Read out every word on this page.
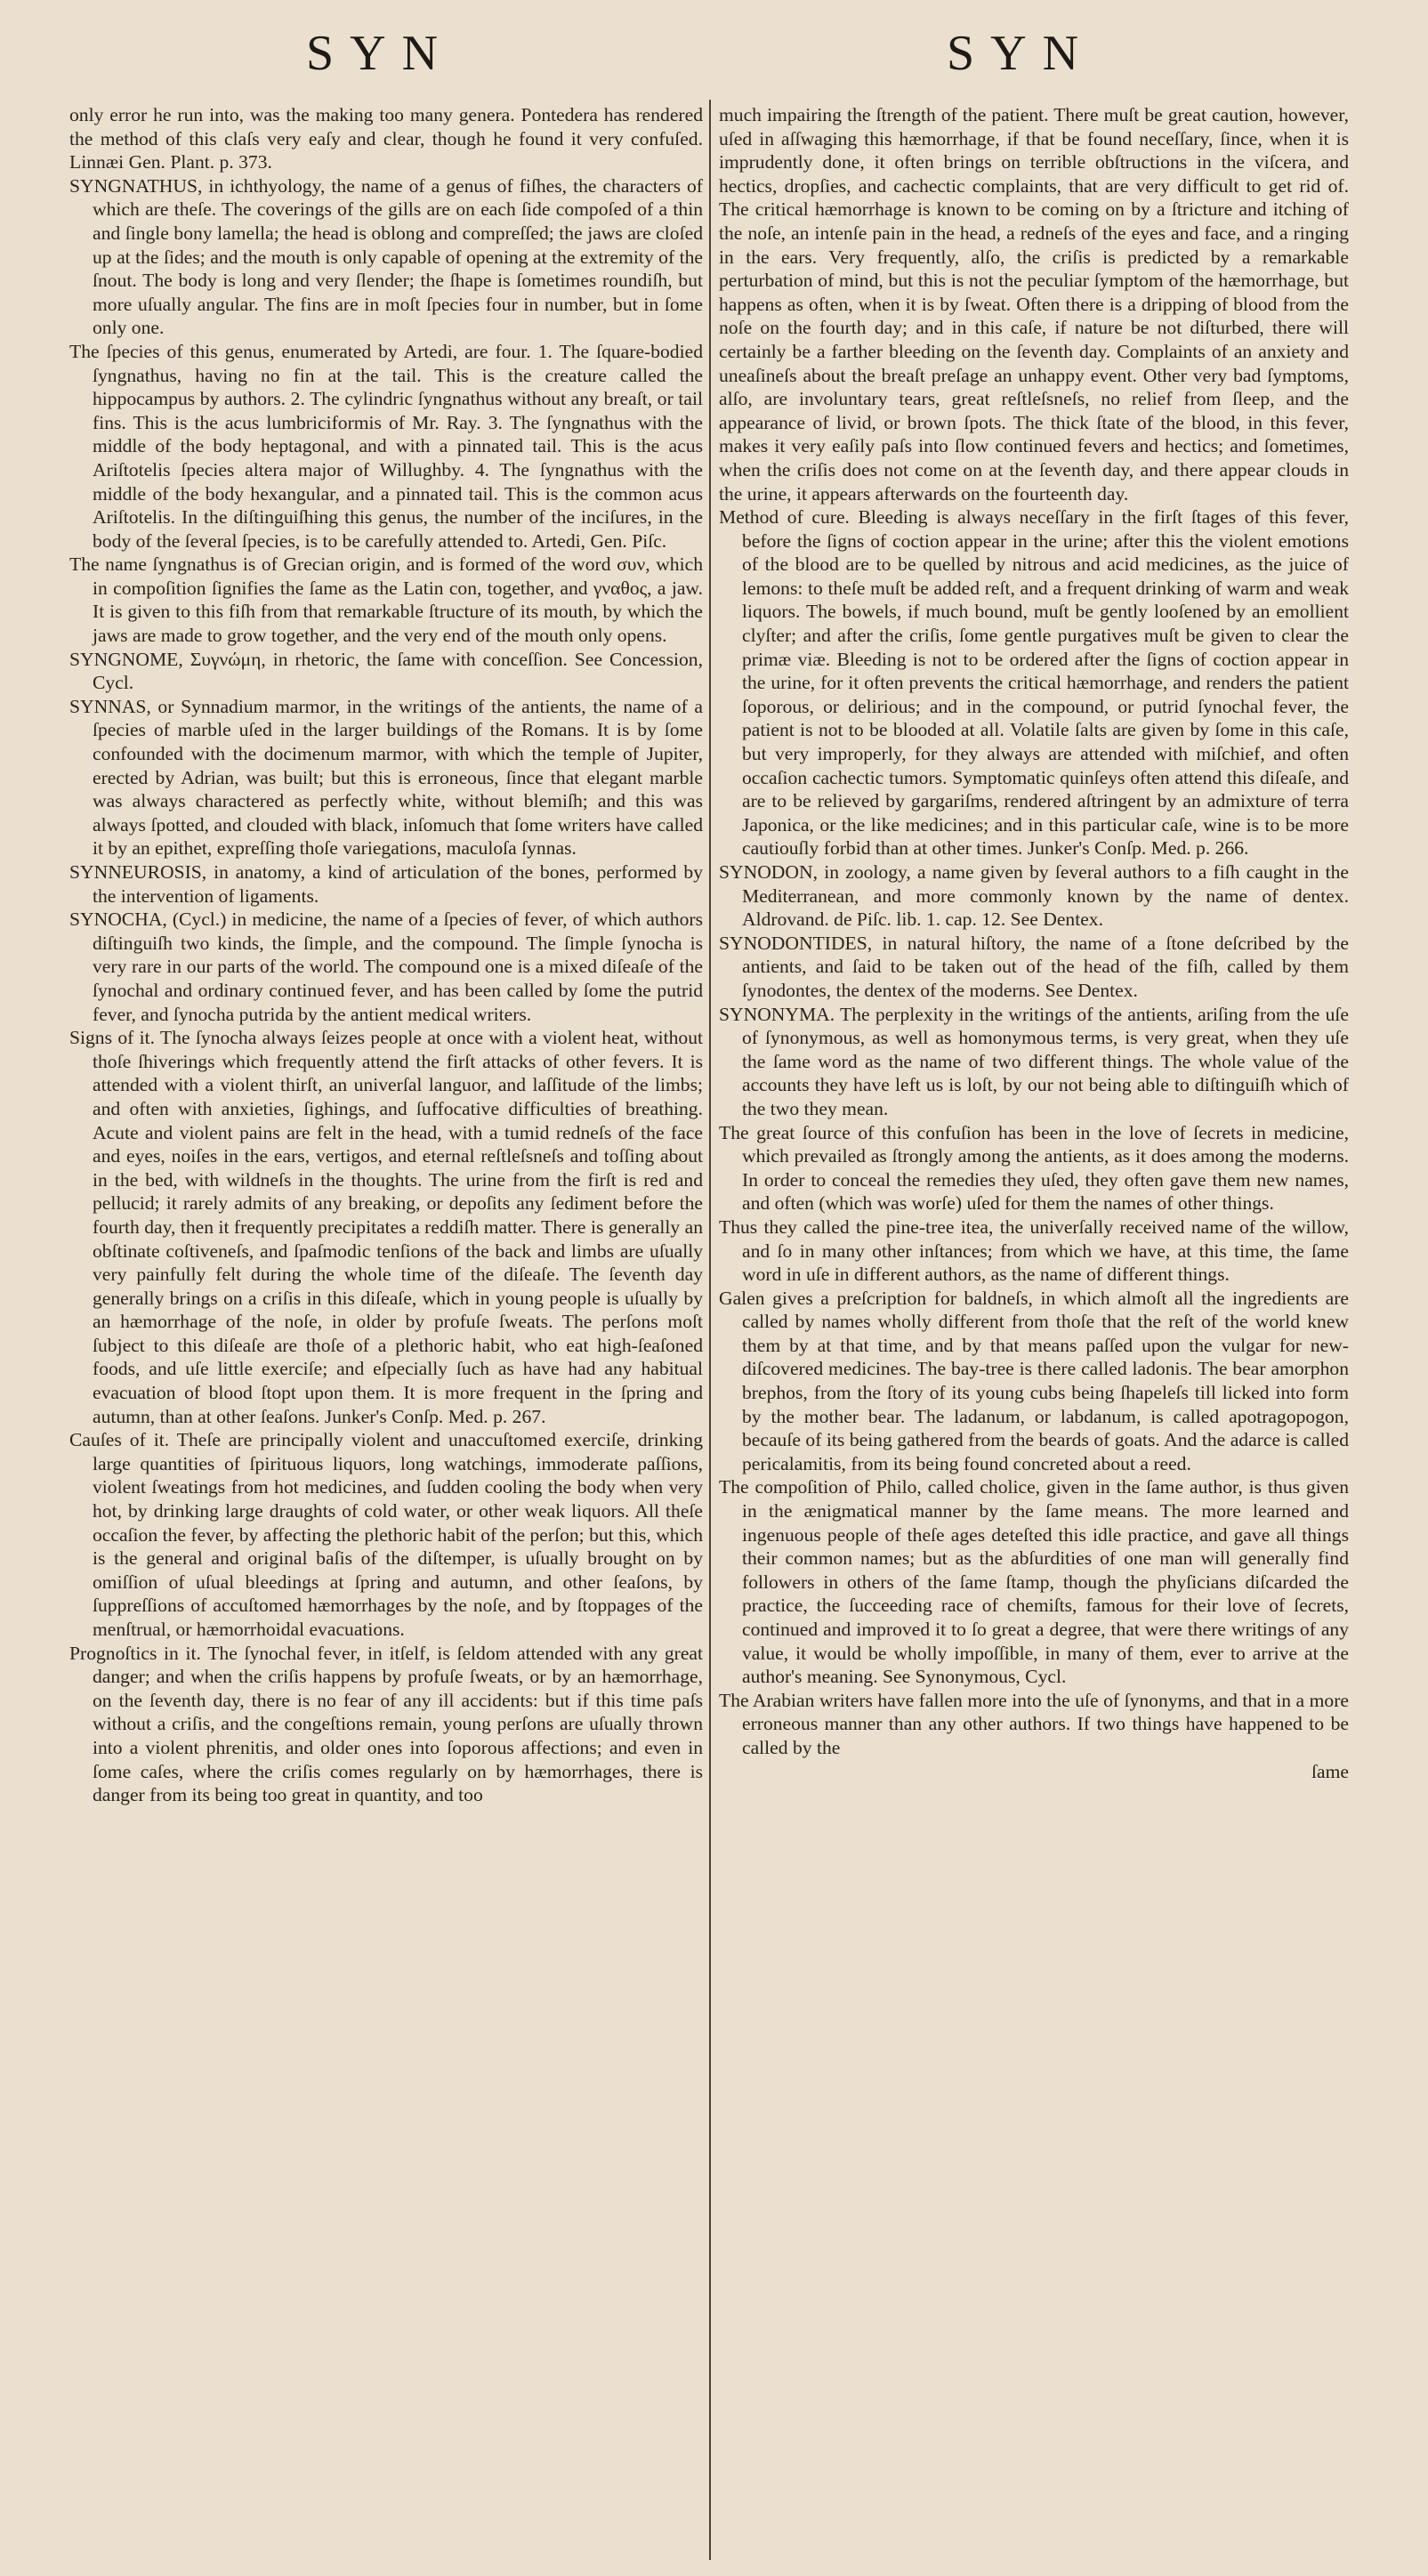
SYN	SYN

only error he run into, was the making too many genera. Pontedera has rendered the method of this claſs very eaſy and clear, though he found it very confuſed. Linnæi Gen. Plant. p. 373.

SYNGNATHUS, in ichthyology, the name of a genus of fiſhes, the characters of which are theſe. The coverings of the gills are on each ſide compoſed of a thin and ſingle bony lamella; the head is oblong and compreſſed; the jaws are cloſed up at the ſides; and the mouth is only capable of opening at the extremity of the ſnout. The body is long and very ſlender; the ſhape is ſometimes roundiſh, but more uſually angular. The fins are in moſt ſpecies four in number, but in ſome only one.

The ſpecies of this genus, enumerated by Artedi, are four. 1. The ſquare-bodied ſyngnathus, having no fin at the tail. This is the creature called the hippocampus by authors. 2. The cylindric ſyngnathus without any breaſt, or tail fins. This is the acus lumbriciformis of Mr. Ray. 3. The ſyngnathus with the middle of the body heptagonal, and with a pinnated tail. This is the acus Ariſtotelis ſpecies altera major of Willughby. 4. The ſyngnathus with the middle of the body hexangular, and a pinnated tail. This is the common acus Ariſtotelis. In the diſtinguiſhing this genus, the number of the inciſures, in the body of the ſeveral ſpecies, is to be carefully attended to. Artedi, Gen. Piſc.

The name ſyngnathus is of Grecian origin, and is formed of the word συν, which in compoſition ſignifies the ſame as the Latin con, together, and γναθος, a jaw. It is given to this fiſh from that remarkable ſtructure of its mouth, by which the jaws are made to grow together, and the very end of the mouth only opens.

SYNGNOME, Συγνώμη, in rhetoric, the ſame with conceſſion. See Concession, Cycl.

SYNNAS, or Synnadium marmor, in the writings of the antients, the name of a ſpecies of marble uſed in the larger buildings of the Romans. It is by ſome confounded with the docimenum marmor, with which the temple of Jupiter, erected by Adrian, was built; but this is erroneous, ſince that elegant marble was always charactered as perfectly white, without blemiſh; and this was always ſpotted, and clouded with black, inſomuch that ſome writers have called it by an epithet, expreſſing thoſe variegations, maculoſa ſynnas.

SYNNEUROSIS, in anatomy, a kind of articulation of the bones, performed by the intervention of ligaments.

SYNOCHA, (Cycl.) in medicine, the name of a ſpecies of fever, of which authors diſtinguiſh two kinds, the ſimple, and the compound. The ſimple ſynocha is very rare in our parts of the world. The compound one is a mixed diſeaſe of the ſynochal and ordinary continued fever, and has been called by ſome the putrid fever, and ſynocha putrida by the antient medical writers.

Signs of it. The ſynocha always ſeizes people at once with a violent heat, without thoſe ſhiverings which frequently attend the firſt attacks of other fevers. It is attended with a violent thirſt, an univerſal languor, and laſſitude of the limbs; and often with anxieties, ſighings, and ſuffocative difficulties of breathing. Acute and violent pains are felt in the head, with a tumid redneſs of the face and eyes, noiſes in the ears, vertigos, and eternal reſtleſsneſs and toſſing about in the bed, with wildneſs in the thoughts. The urine from the firſt is red and pellucid; it rarely admits of any breaking, or depoſits any ſediment before the fourth day, then it frequently precipitates a reddiſh matter. There is generally an obſtinate coſtiveneſs, and ſpaſmodic tenſions of the back and limbs are uſually very painfully felt during the whole time of the diſeaſe. The ſeventh day generally brings on a criſis in this diſeaſe, which in young people is uſually by an hæmorrhage of the noſe, in older by profuſe ſweats. The perſons moſt ſubject to this diſeaſe are thoſe of a plethoric habit, who eat high-ſeaſoned foods, and uſe little exerciſe; and eſpecially ſuch as have had any habitual evacuation of blood ſtopt upon them. It is more frequent in the ſpring and autumn, than at other ſeaſons. Junker's Conſp. Med. p. 267.

Cauſes of it. Theſe are principally violent and unaccuſtomed exerciſe, drinking large quantities of ſpirituous liquors, long watchings, immoderate paſſions, violent ſweatings from hot medicines, and ſudden cooling the body when very hot, by drinking large draughts of cold water, or other weak liquors. All theſe occaſion the fever, by affecting the plethoric habit of the perſon; but this, which is the general and original baſis of the diſtemper, is uſually brought on by omiſſion of uſual bleedings at ſpring and autumn, and other ſeaſons, by ſuppreſſions of accuſtomed hæmorrhages by the noſe, and by ſtoppages of the menſtrual, or hæmorrhoidal evacuations.

Prognoſtics in it. The ſynochal fever, in itſelf, is ſeldom attended with any great danger; and when the criſis happens by profuſe ſweats, or by an hæmorrhage, on the ſeventh day, there is no fear of any ill accidents: but if this time paſs without a criſis, and the congeſtions remain, young perſons are uſually thrown into a violent phrenitis, and older ones into ſoporous affections; and even in ſome caſes, where the criſis comes regularly on by hæmorrhages, there is danger from its being too great in quantity, and too

much impairing the ſtrength of the patient. There muſt be great caution, however, uſed in aſſwaging this hæmorrhage, if that be found neceſſary, ſince, when it is imprudently done, it often brings on terrible obſtructions in the viſcera, and hectics, dropſies, and cachectic complaints, that are very difficult to get rid of. The critical hæmorrhage is known to be coming on by a ſtricture and itching of the noſe, an intenſe pain in the head, a redneſs of the eyes and face, and a ringing in the ears. Very frequently, alſo, the criſis is predicted by a remarkable perturbation of mind, but this is not the peculiar ſymptom of the hæmorrhage, but happens as often, when it is by ſweat. Often there is a dripping of blood from the noſe on the fourth day; and in this caſe, if nature be not diſturbed, there will certainly be a farther bleeding on the ſeventh day. Complaints of an anxiety and uneaſineſs about the breaſt preſage an unhappy event. Other very bad ſymptoms, alſo, are involuntary tears, great reſtleſsneſs, no relief from ſleep, and the appearance of livid, or brown ſpots. The thick ſtate of the blood, in this fever, makes it very eaſily paſs into ſlow continued fevers and hectics; and ſometimes, when the criſis does not come on at the ſeventh day, and there appear clouds in the urine, it appears afterwards on the fourteenth day.

Method of cure. Bleeding is always neceſſary in the firſt ſtages of this fever, before the ſigns of coction appear in the urine; after this the violent emotions of the blood are to be quelled by nitrous and acid medicines, as the juice of lemons: to theſe muſt be added reſt, and a frequent drinking of warm and weak liquors. The bowels, if much bound, muſt be gently looſened by an emollient clyſter; and after the criſis, ſome gentle purgatives muſt be given to clear the primæ viæ. Bleeding is not to be ordered after the ſigns of coction appear in the urine, for it often prevents the critical hæmorrhage, and renders the patient ſoporous, or delirious; and in the compound, or putrid ſynochal fever, the patient is not to be blooded at all. Volatile ſalts are given by ſome in this caſe, but very improperly, for they always are attended with miſchief, and often occaſion cachectic tumors. Symptomatic quinſeys often attend this diſeaſe, and are to be relieved by gargariſms, rendered aſtringent by an admixture of terra Japonica, or the like medicines; and in this particular caſe, wine is to be more cautiouſly forbid than at other times. Junker's Conſp. Med. p. 266.

SYNODON, in zoology, a name given by ſeveral authors to a fiſh caught in the Mediterranean, and more commonly known by the name of dentex. Aldrovand. de Piſc. lib. 1. cap. 12. See Dentex.

SYNODONTIDES, in natural hiſtory, the name of a ſtone deſcribed by the antients, and ſaid to be taken out of the head of the fiſh, called by them ſynodontes, the dentex of the moderns. See Dentex.

SYNONYMA. The perplexity in the writings of the antients, ariſing from the uſe of ſynonymous, as well as homonymous terms, is very great, when they uſe the ſame word as the name of two different things. The whole value of the accounts they have left us is loſt, by our not being able to diſtinguiſh which of the two they mean.

The great ſource of this confuſion has been in the love of ſecrets in medicine, which prevailed as ſtrongly among the antients, as it does among the moderns. In order to conceal the remedies they uſed, they often gave them new names, and often (which was worſe) uſed for them the names of other things.

Thus they called the pine-tree itea, the univerſally received name of the willow, and ſo in many other inſtances; from which we have, at this time, the ſame word in uſe in different authors, as the name of different things.

Galen gives a preſcription for baldneſs, in which almoſt all the ingredients are called by names wholly different from thoſe that the reſt of the world knew them by at that time, and by that means paſſed upon the vulgar for new-diſcovered medicines. The bay-tree is there called ladonis. The bear amorphon brephos, from the ſtory of its young cubs being ſhapeleſs till licked into form by the mother bear. The ladanum, or labdanum, is called apotragopogon, becauſe of its being gathered from the beards of goats. And the adarce is called pericalamitis, from its being found concreted about a reed.

The compoſition of Philo, called cholice, given in the ſame author, is thus given in the ænigmatical manner by the ſame means. The more learned and ingenuous people of theſe ages deteſted this idle practice, and gave all things their common names; but as the abſurdities of one man will generally find followers in others of the ſame ſtamp, though the phyſicians diſcarded the practice, the ſucceeding race of chemiſts, famous for their love of ſecrets, continued and improved it to ſo great a degree, that were there writings of any value, it would be wholly impoſſible, in many of them, ever to arrive at the author's meaning. See Synonymous, Cycl.

The Arabian writers have fallen more into the uſe of ſynonyms, and that in a more erroneous manner than any other authors. If two things have happened to be called by the

ſame
